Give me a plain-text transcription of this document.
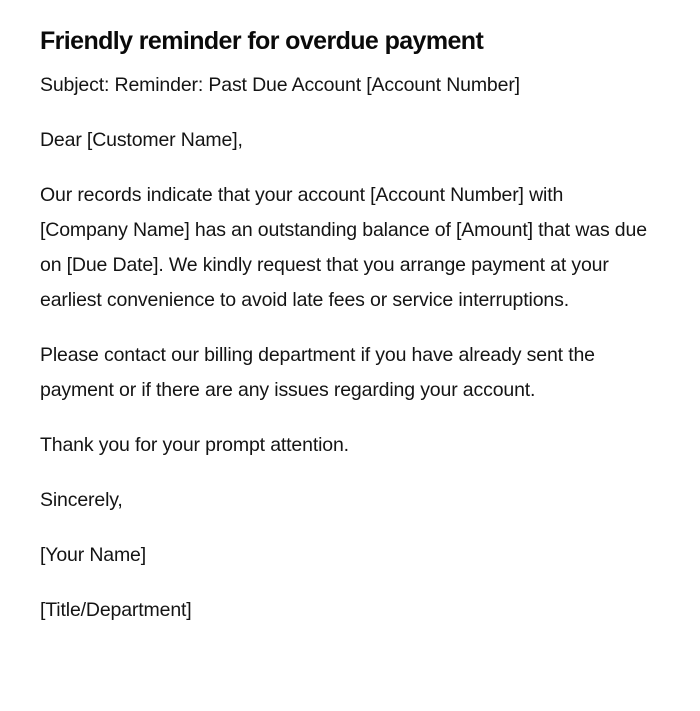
Friendly reminder for overdue payment

Subject: Reminder: Past Due Account [Account Number]

Dear [Customer Name],

Our records indicate that your account [Account Number] with [Company Name] has an outstanding balance of [Amount] that was due on [Due Date]. We kindly request that you arrange payment at your earliest convenience to avoid late fees or service interruptions.

Please contact our billing department if you have already sent the payment or if there are any issues regarding your account.

Thank you for your prompt attention.

Sincerely,

[Your Name]

[Title/Department]
